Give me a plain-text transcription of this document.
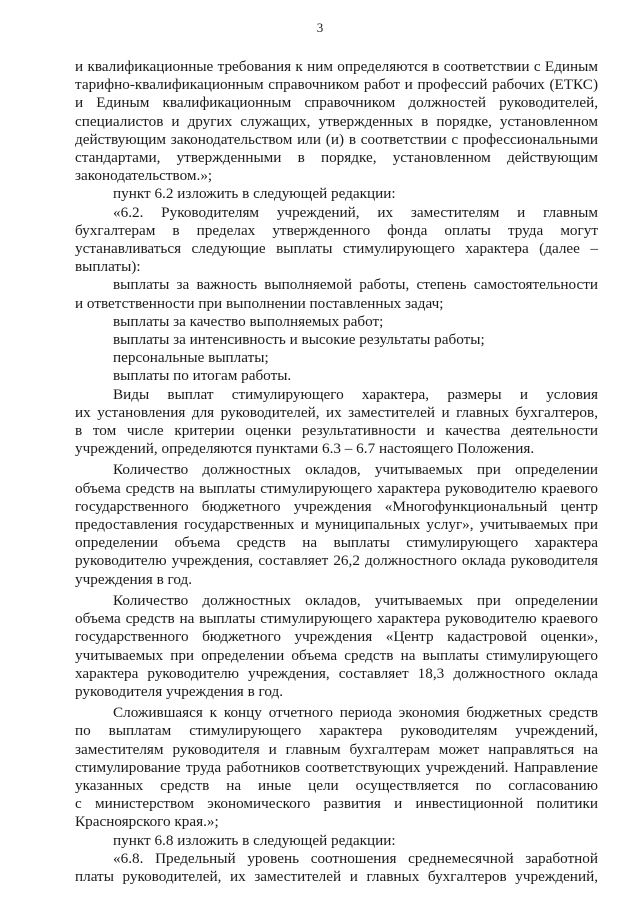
3

и квалификационные требования к ним определяются в соответствии с Единым
тарифно-квалификационным справочником работ и профессий рабочих (ЕТКС)
и Единым квалификационным справочником должностей руководителей,
специалистов и других служащих, утвержденных в порядке, установленном
действующим законодательством или (и) в соответствии с профессиональными
стандартами, утвержденными в порядке, установленном действующим
законодательством.»;

пункт 6.2 изложить в следующей редакции:

«6.2. Руководителям учреждений, их заместителям и главным
бухгалтерам в пределах утвержденного фонда оплаты труда могут
устанавливаться следующие выплаты стимулирующего характера (далее –
выплаты):

выплаты за важность выполняемой работы, степень самостоятельности
и ответственности при выполнении поставленных задач;

выплаты за качество выполняемых работ;

выплаты за интенсивность и высокие результаты работы;

персональные выплаты;

выплаты по итогам работы.

Виды выплат стимулирующего характера, размеры и условия
их установления для руководителей, их заместителей и главных бухгалтеров,
в том числе критерии оценки результативности и качества деятельности
учреждений, определяются пунктами 6.3 – 6.7 настоящего Положения.

Количество должностных окладов, учитываемых при определении
объема средств на выплаты стимулирующего характера руководителю краевого
государственного бюджетного учреждения «Многофункциональный центр
предоставления государственных и муниципальных услуг», учитываемых при
определении объема средств на выплаты стимулирующего характера
руководителю учреждения, составляет 26,2 должностного оклада руководителя
учреждения в год.

Количество должностных окладов, учитываемых при определении
объема средств на выплаты стимулирующего характера руководителю краевого
государственного бюджетного учреждения «Центр кадастровой оценки»,
учитываемых при определении объема средств на выплаты стимулирующего
характера руководителю учреждения, составляет 18,3 должностного оклада
руководителя учреждения в год.

Сложившаяся к концу отчетного периода экономия бюджетных средств
по выплатам стимулирующего характера руководителям учреждений,
заместителям руководителя и главным бухгалтерам может направляться на
стимулирование труда работников соответствующих учреждений. Направление
указанных средств на иные цели осуществляется по согласованию
с министерством экономического развития и инвестиционной политики
Красноярского края.»;

пункт 6.8 изложить в следующей редакции:

«6.8. Предельный уровень соотношения среднемесячной заработной
платы руководителей, их заместителей и главных бухгалтеров учреждений,
